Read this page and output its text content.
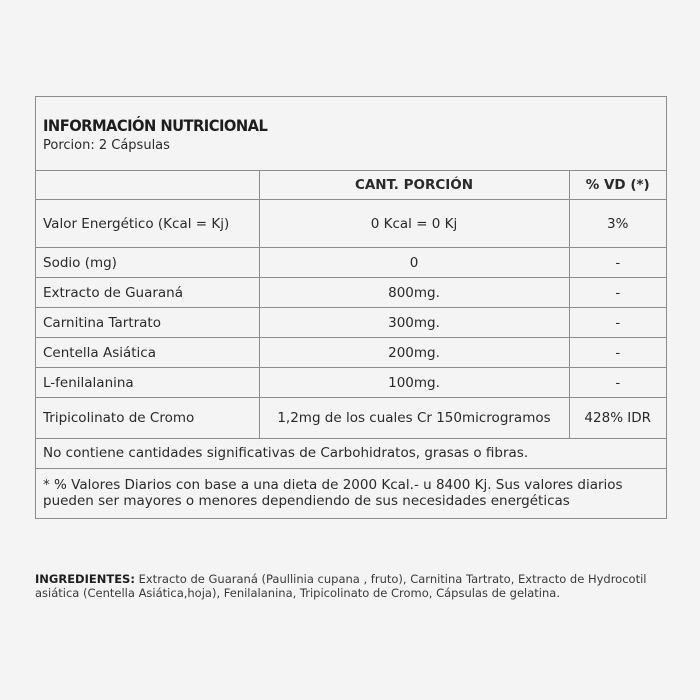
INFORMACIÓN NUTRICIONAL
Porcion: 2 Cápsulas
	CANT. PORCIÓN	% VD (*)
Valor Energético (Kcal = Kj)	0 Kcal = 0 Kj	3%
Sodio (mg)	0	-
Extracto de Guaraná	800mg.	-
Carnitina Tartrato	300mg.	-
Centella Asiática	200mg.	-
L-fenilalanina	100mg.	-
Tripicolinato de Cromo	1,2mg de los cuales Cr 150microgramos	428% IDR
No contiene cantidades significativas de Carbohidratos, grasas o fibras.
* % Valores Diarios con base a una dieta de 2000 Kcal.- u 8400 Kj. Sus valores diarios pueden ser mayores o menores dependiendo de sus necesidades energéticas
INGREDIENTES: Extracto de Guaraná (Paullinia cupana , fruto), Carnitina Tartrato, Extracto de Hydrocotil asiática (Centella Asiática,hoja), Fenilalanina, Tripicolinato de Cromo, Cápsulas de gelatina.
